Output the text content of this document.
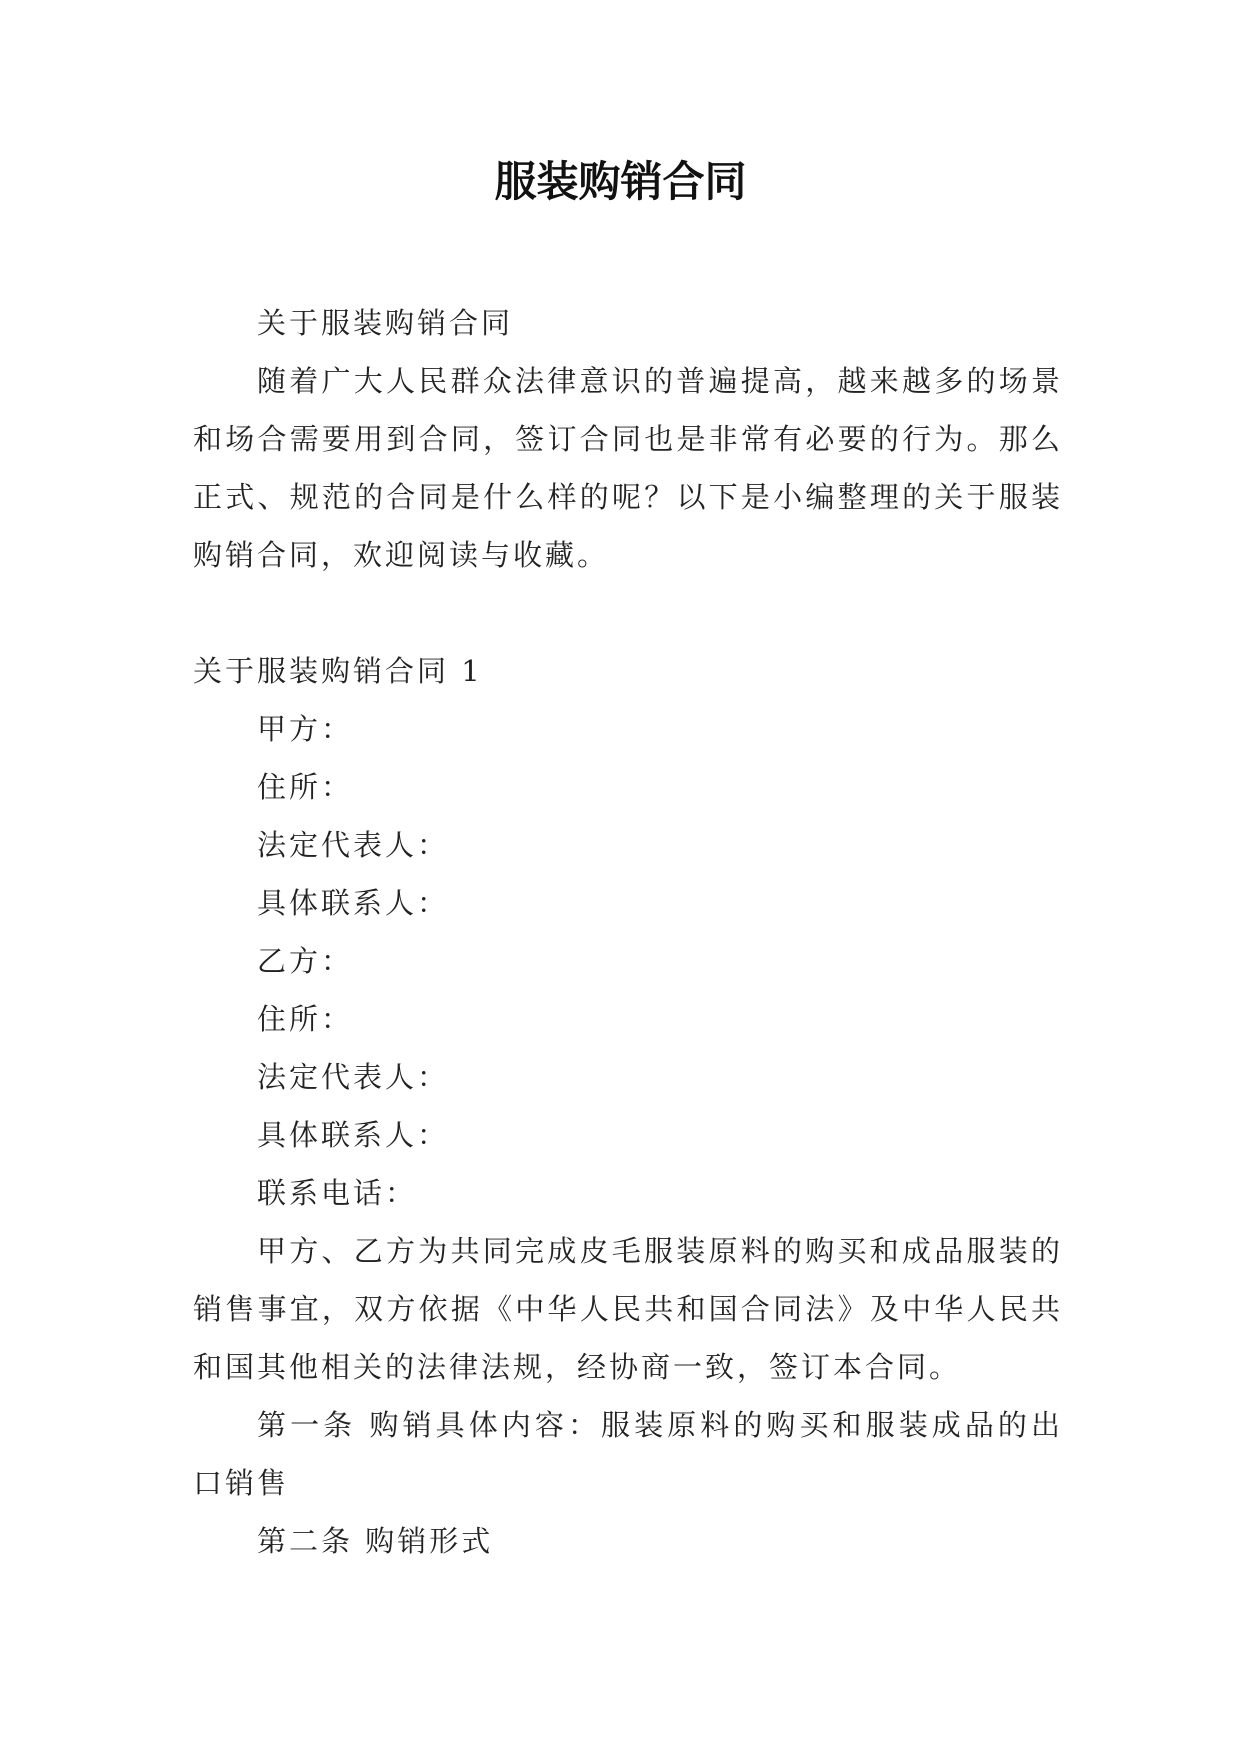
服装购销合同

关于服装购销合同

随着广大人民群众法律意识的普遍提高，越来越多的场景和场合需要用到合同，签订合同也是非常有必要的行为。那么正式、规范的合同是什么样的呢？以下是小编整理的关于服装购销合同，欢迎阅读与收藏。

关于服装购销合同 1

甲方：

住所：

法定代表人：

具体联系人：

乙方：

住所：

法定代表人：

具体联系人：

联系电话：

甲方、乙方为共同完成皮毛服装原料的购买和成品服装的销售事宜，双方依据《中华人民共和国合同法》及中华人民共和国其他相关的法律法规，经协商一致，签订本合同。

第一条 购销具体内容：服装原料的购买和服装成品的出口销售

第二条 购销形式
